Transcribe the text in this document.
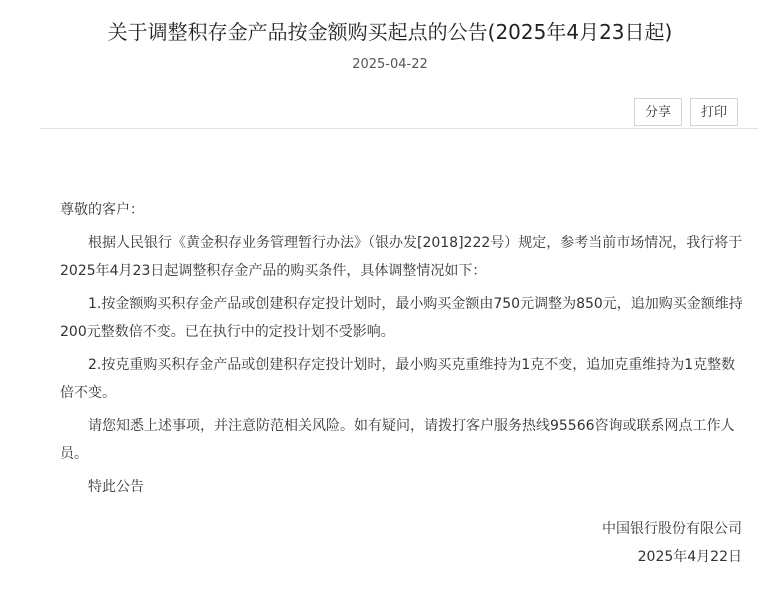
关于调整积存金产品按金额购买起点的公告(2025年4月23日起)
2025-04-22
分享	打印

尊敬的客户：

根据人民银行《黄金积存业务管理暂行办法》（银办发[2018]222号）规定，参考当前市场情况，我行将于2025年4月23日起调整积存金产品的购买条件，具体调整情况如下：

1.按金额购买积存金产品或创建积存定投计划时，最小购买金额由750元调整为850元，追加购买金额维持200元整数倍不变。已在执行中的定投计划不受影响。

2.按克重购买积存金产品或创建积存定投计划时，最小购买克重维持为1克不变，追加克重维持为1克整数倍不变。

请您知悉上述事项，并注意防范相关风险。如有疑问，请拨打客户服务热线95566咨询或联系网点工作人员。

特此公告

中国银行股份有限公司
2025年4月22日
